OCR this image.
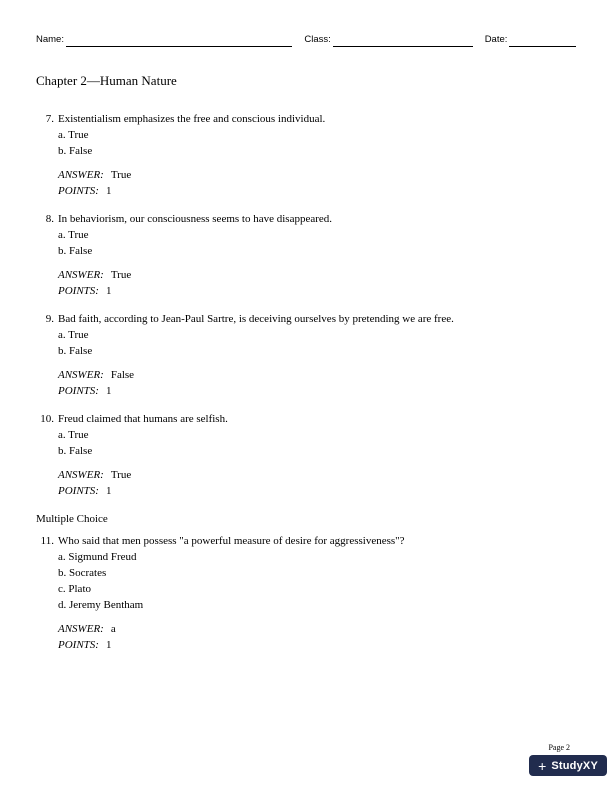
Name:	Class:	Date:
Chapter 2—Human Nature
7. Existentialism emphasizes the free and conscious individual.
a. True
b. False
ANSWER: True
POINTS: 1
8. In behaviorism, our consciousness seems to have disappeared.
a. True
b. False
ANSWER: True
POINTS: 1
9. Bad faith, according to Jean-Paul Sartre, is deceiving ourselves by pretending we are free.
a. True
b. False
ANSWER: False
POINTS: 1
10. Freud claimed that humans are selfish.
a. True
b. False
ANSWER: True
POINTS: 1
Multiple Choice
11. Who said that men possess "a powerful measure of desire for aggressiveness"?
a. Sigmund Freud
b. Socrates
c. Plato
d. Jeremy Bentham
ANSWER: a
POINTS: 1
Page 2
+ StudyXY
